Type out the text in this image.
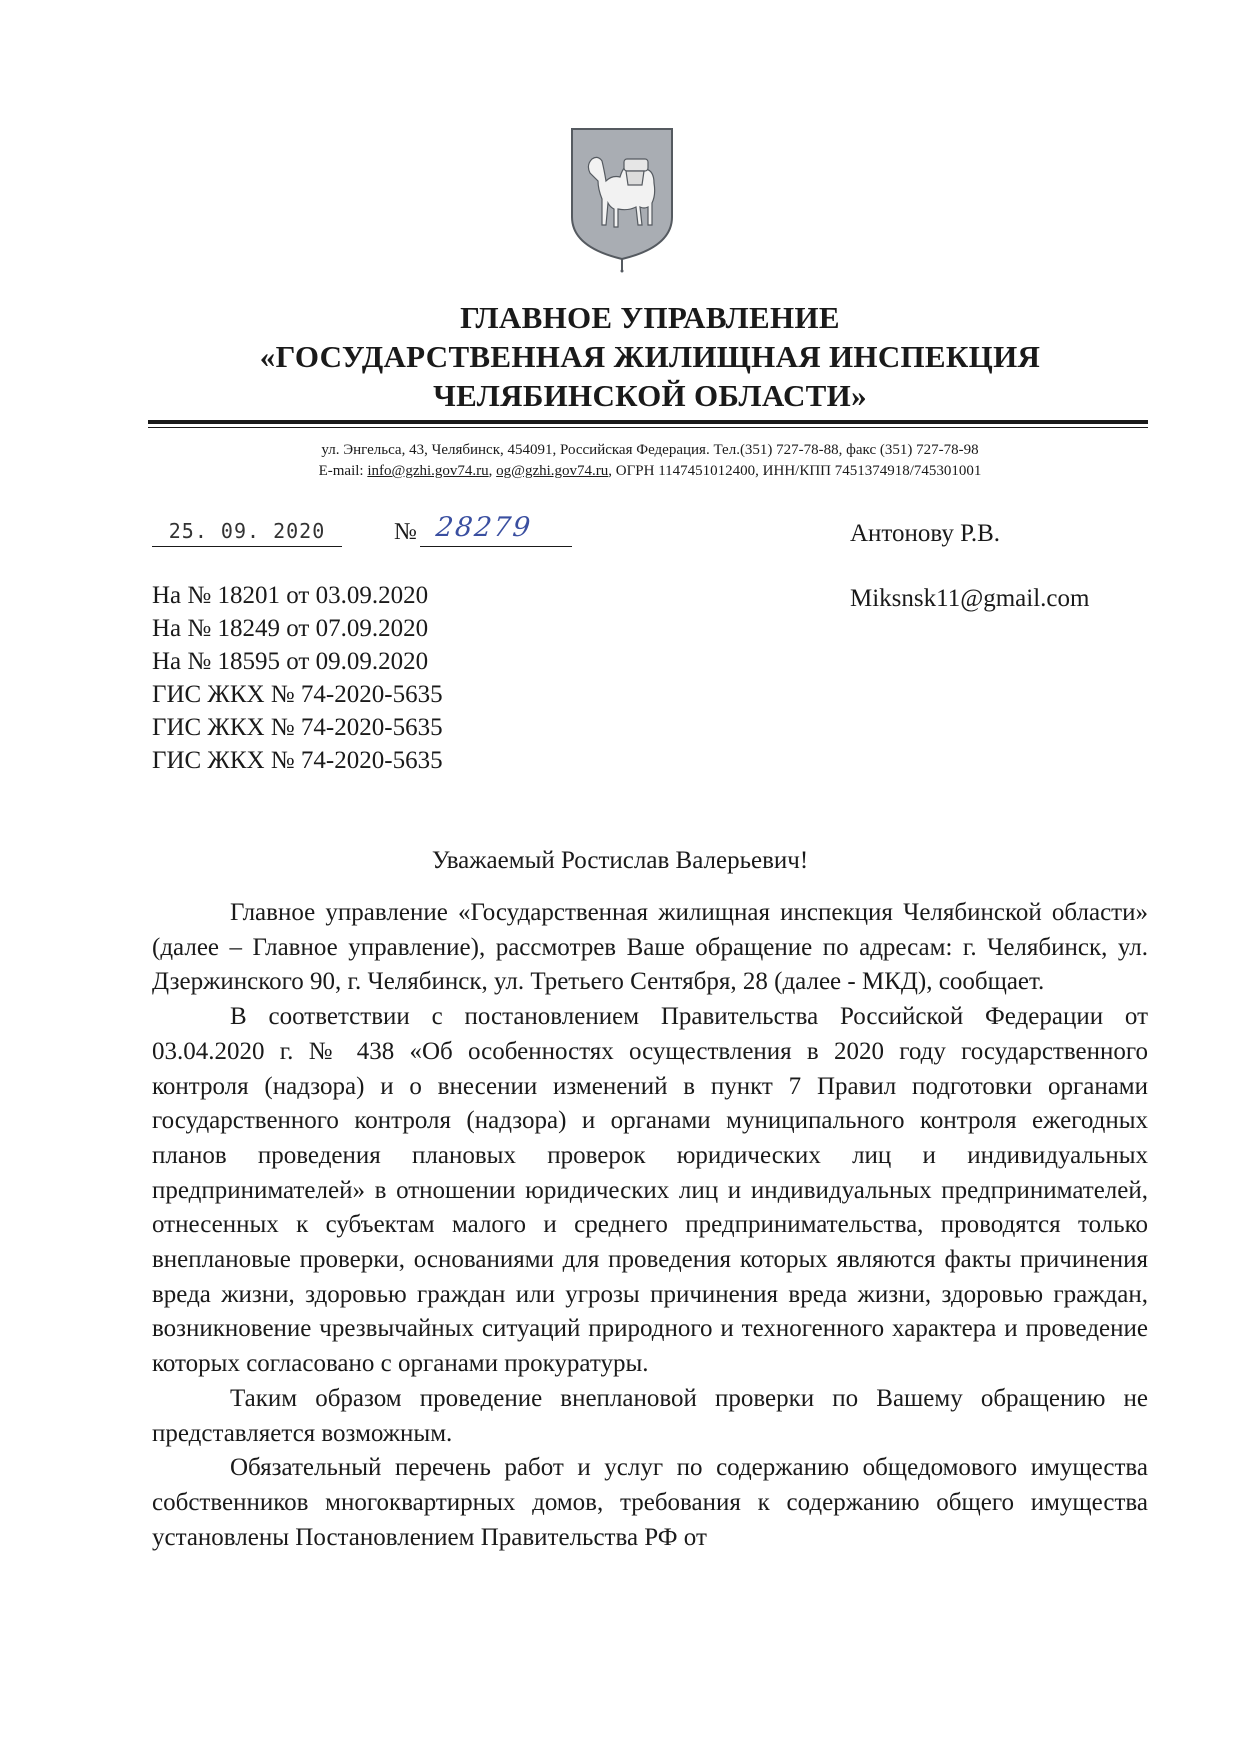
ГЛАВНОЕ УПРАВЛЕНИЕ
«ГОСУДАРСТВЕННАЯ ЖИЛИЩНАЯ ИНСПЕКЦИЯ
ЧЕЛЯБИНСКОЙ ОБЛАСТИ»
ул. Энгельса, 43, Челябинск, 454091, Российская Федерация. Тел.(351) 727-78-88, факс (351) 727-78-98
E-mail: info@gzhi.gov74.ru, og@gzhi.gov74.ru, ОГРН 1147451012400, ИНН/КПП 7451374918/745301001
25. 09. 2020	№ 28279	Антонову Р.В.
Miksnsk11@gmail.com
На № 18201 от 03.09.2020
На № 18249 от 07.09.2020
На № 18595 от 09.09.2020
ГИС ЖКХ № 74-2020-5635
ГИС ЖКХ № 74-2020-5635
ГИС ЖКХ № 74-2020-5635
Уважаемый Ростислав Валерьевич!

Главное управление «Государственная жилищная инспекция Челябинской области» (далее – Главное управление), рассмотрев Ваше обращение по адресам: г. Челябинск, ул. Дзержинского 90, г. Челябинск, ул. Третьего Сентября, 28 (далее - МКД), сообщает.

В соответствии с постановлением Правительства Российской Федерации от 03.04.2020 г. № 438 «Об особенностях осуществления в 2020 году государственного контроля (надзора) и о внесении изменений в пункт 7 Правил подготовки органами государственного контроля (надзора) и органами муниципального контроля ежегодных планов проведения плановых проверок юридических лиц и индивидуальных предпринимателей» в отношении юридических лиц и индивидуальных предпринимателей, отнесенных к субъектам малого и среднего предпринимательства, проводятся только внеплановые проверки, основаниями для проведения которых являются факты причинения вреда жизни, здоровью граждан или угрозы причинения вреда жизни, здоровью граждан, возникновение чрезвычайных ситуаций природного и техногенного характера и проведение которых согласовано с органами прокуратуры.

Таким образом проведение внеплановой проверки по Вашему обращению не представляется возможным.

Обязательный перечень работ и услуг по содержанию общедомового имущества собственников многоквартирных домов, требования к содержанию общего имущества установлены Постановлением Правительства РФ от
